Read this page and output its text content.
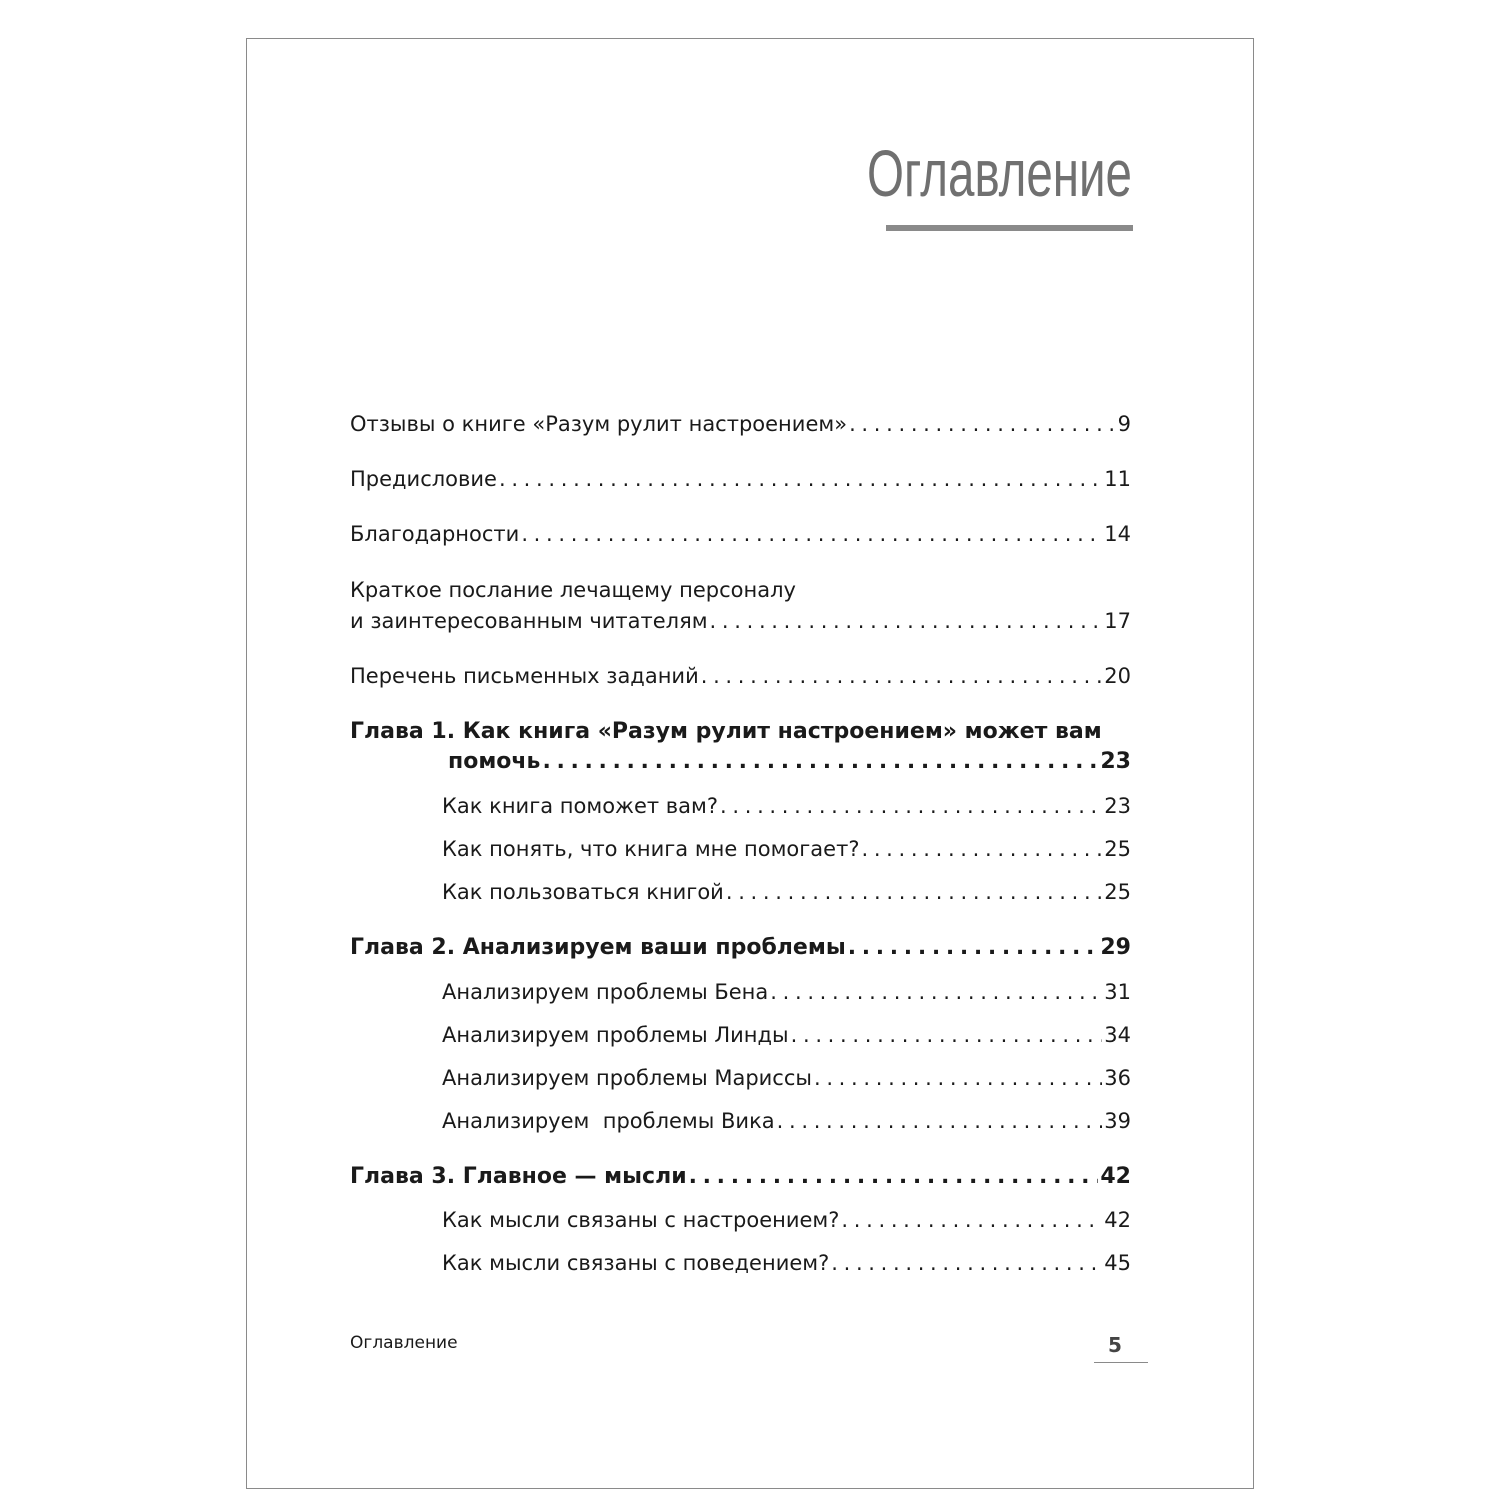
Оглавление
Отзывы о книге «Разум рулит настроением» . . .	9
Предисловие . . .	11
Благодарности . . .	14
Краткое послание лечащему персоналу
и заинтересованным читателям . . .	17
Перечень письменных заданий . . .	20
Глава 1. Как книга «Разум рулит настроением» может вам
помочь . . .	23
Как книга поможет вам? . . .	23
Как понять, что книга мне помогает? . . .	25
Как пользоваться книгой . . .	25
Глава 2. Анализируем ваши проблемы . . .	29
Анализируем проблемы Бена . . .	31
Анализируем проблемы Линды . . .	34
Анализируем проблемы Мариссы . . .	36
Анализируем  проблемы Вика . . .	39
Глава 3. Главное — мысли . . .	42
Как мысли связаны с настроением? . . .	42
Как мысли связаны с поведением? . . .	45
Оглавление	5
